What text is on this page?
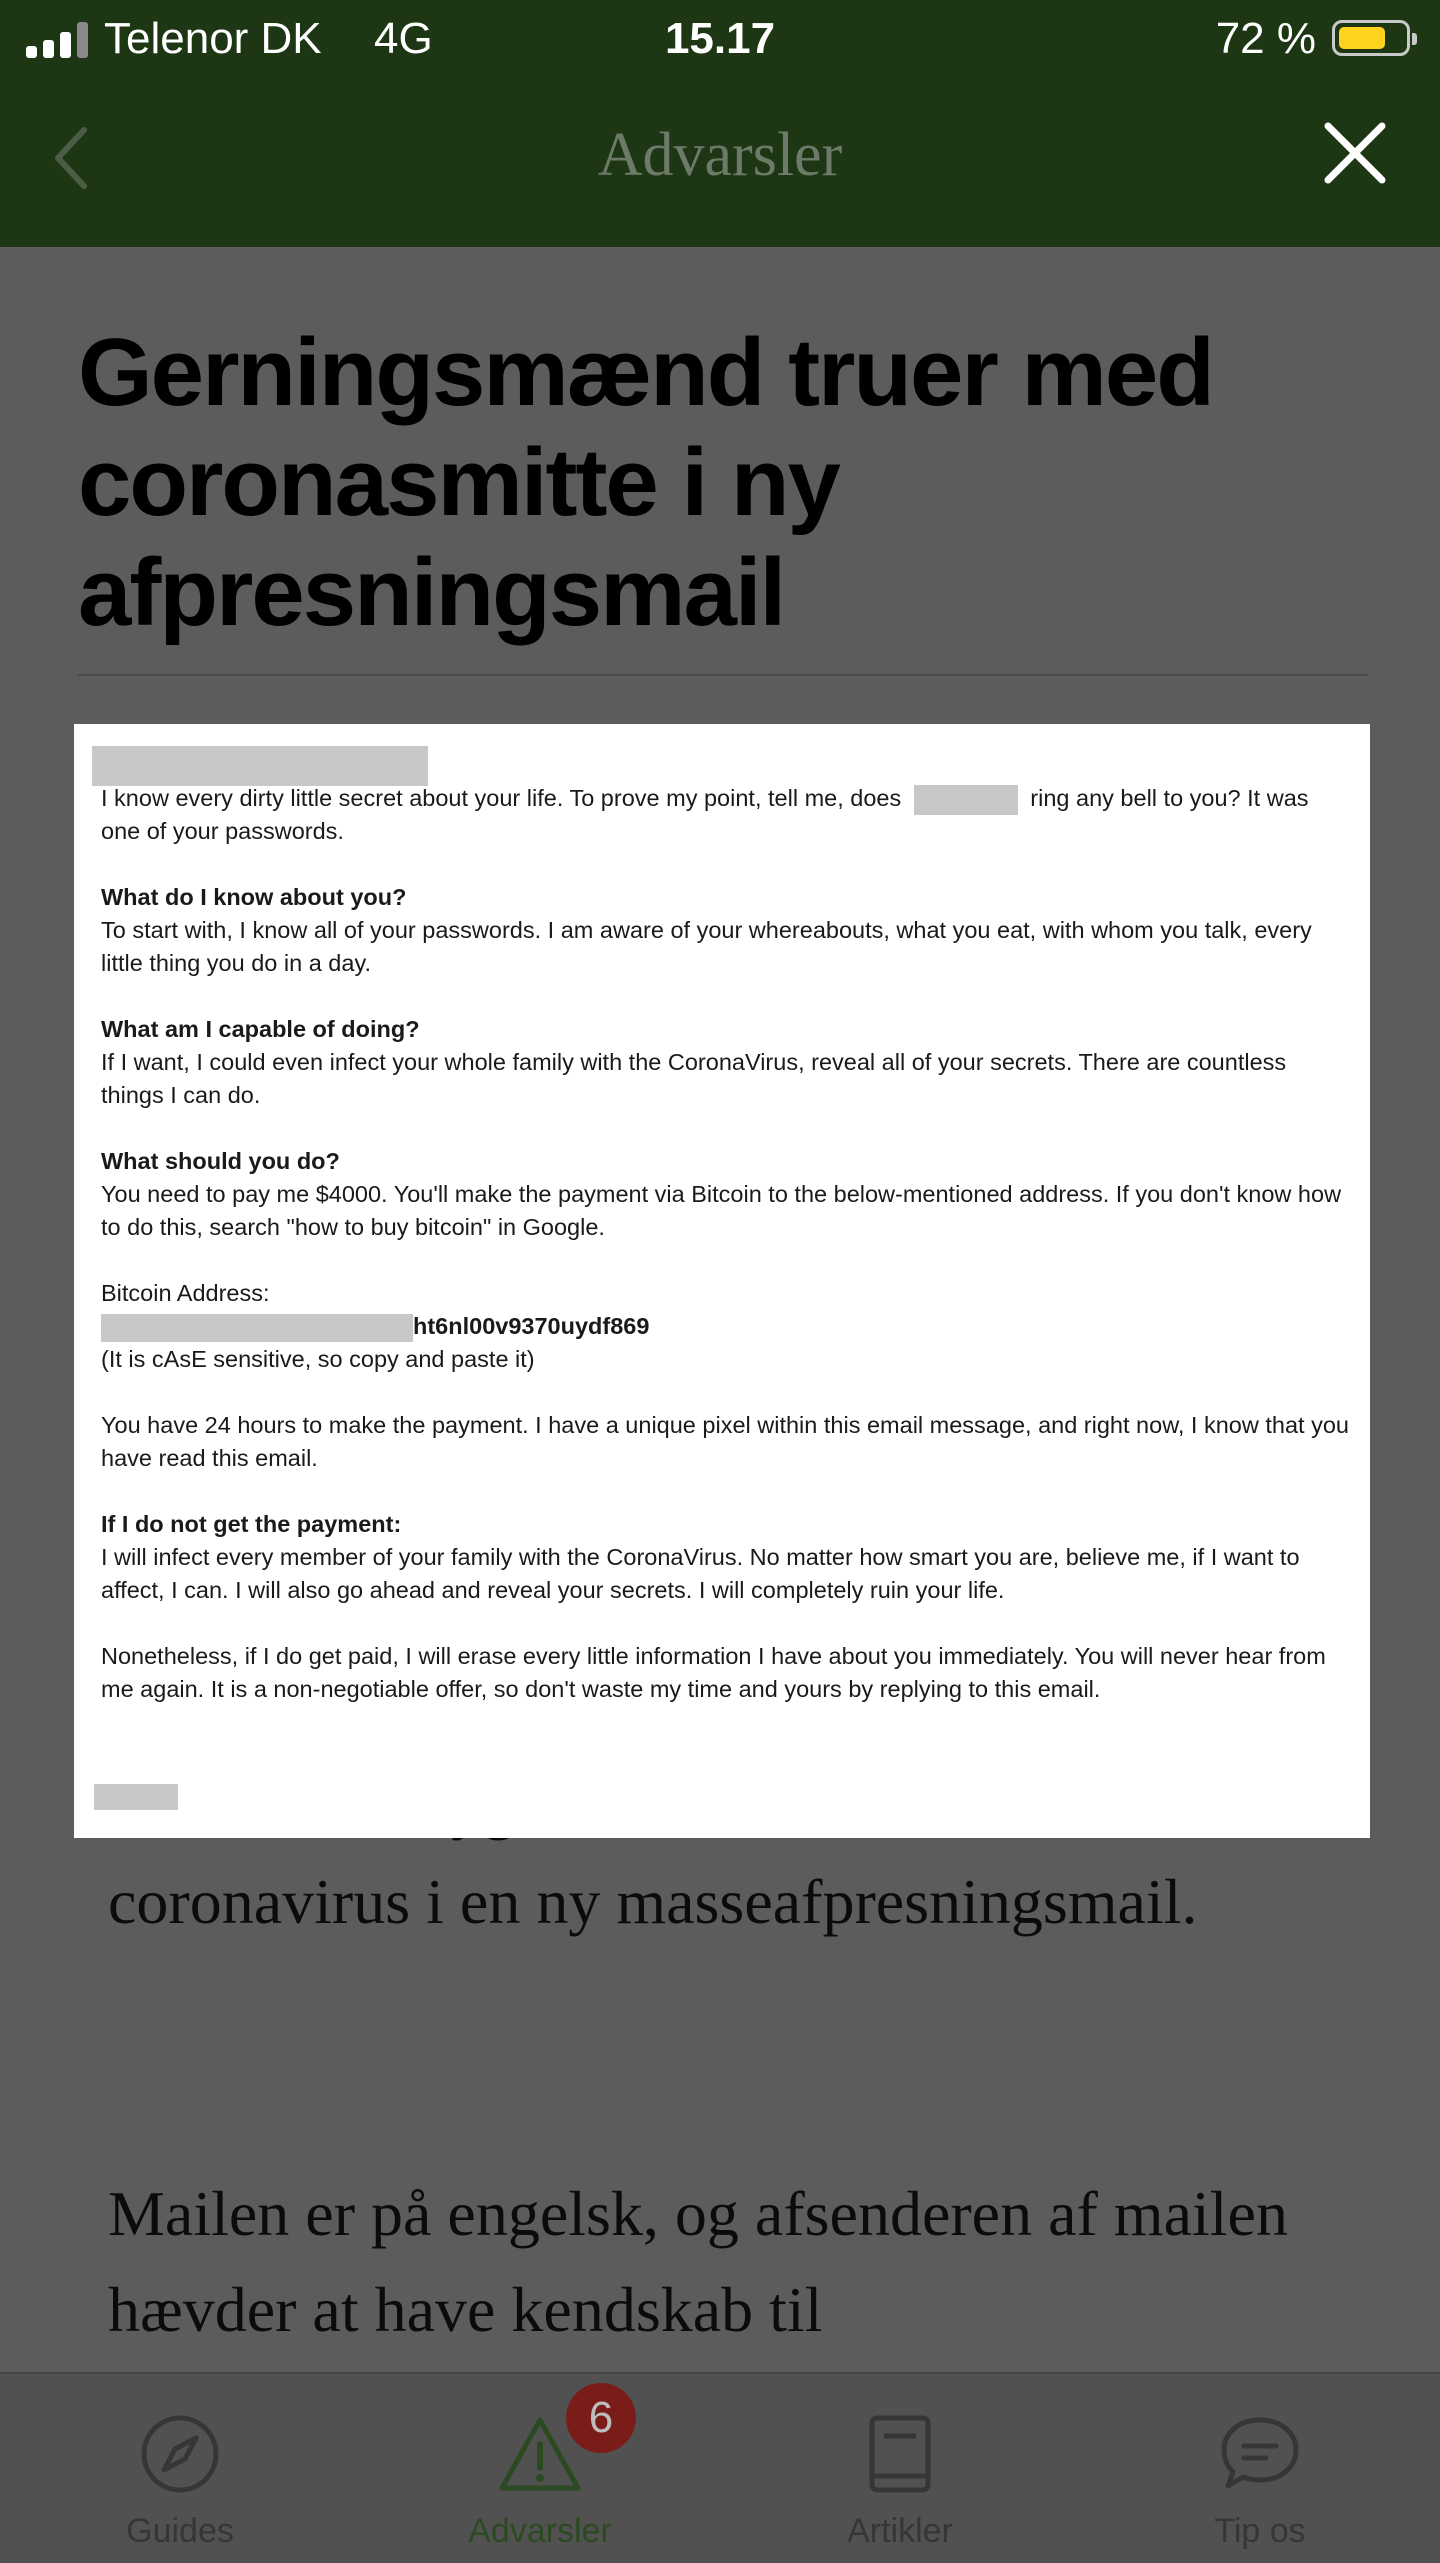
Telenor DK 4G	15.17	72 %
Advarsler
Gerningsmænd truer med coronasmitte i ny afpresningsmail

coronavirus i en ny masseafpresningsmail.

Mailen er på engelsk, og afsenderen af mailen hævder at have kendskab til

I know every dirty little secret about your life. To prove my point, tell me, does	ring any bell to you? It was one of your passwords.

What do I know about you?
To start with, I know all of your passwords. I am aware of your whereabouts, what you eat, with whom you talk, every little thing you do in a day.

What am I capable of doing?
If I want, I could even infect your whole family with the CoronaVirus, reveal all of your secrets. There are countless things I can do.

What should you do?
You need to pay me $4000. You'll make the payment via Bitcoin to the below-mentioned address. If you don't know how to do this, search "how to buy bitcoin" in Google.

Bitcoin Address:
ht6nl00v9370uydf869
(It is cAsE sensitive, so copy and paste it)

You have 24 hours to make the payment. I have a unique pixel within this email message, and right now, I know that you have read this email.

If I do not get the payment:
I will infect every member of your family with the CoronaVirus. No matter how smart you are, believe me, if I want to affect, I can. I will also go ahead and reveal your secrets. I will completely ruin your life.

Nonetheless, if I do get paid, I will erase every little information I have about you immediately. You will never hear from me again. It is a non-negotiable offer, so don't waste my time and yours by replying to this email.

Guides	Advarsler	Artikler	Tip os
6
